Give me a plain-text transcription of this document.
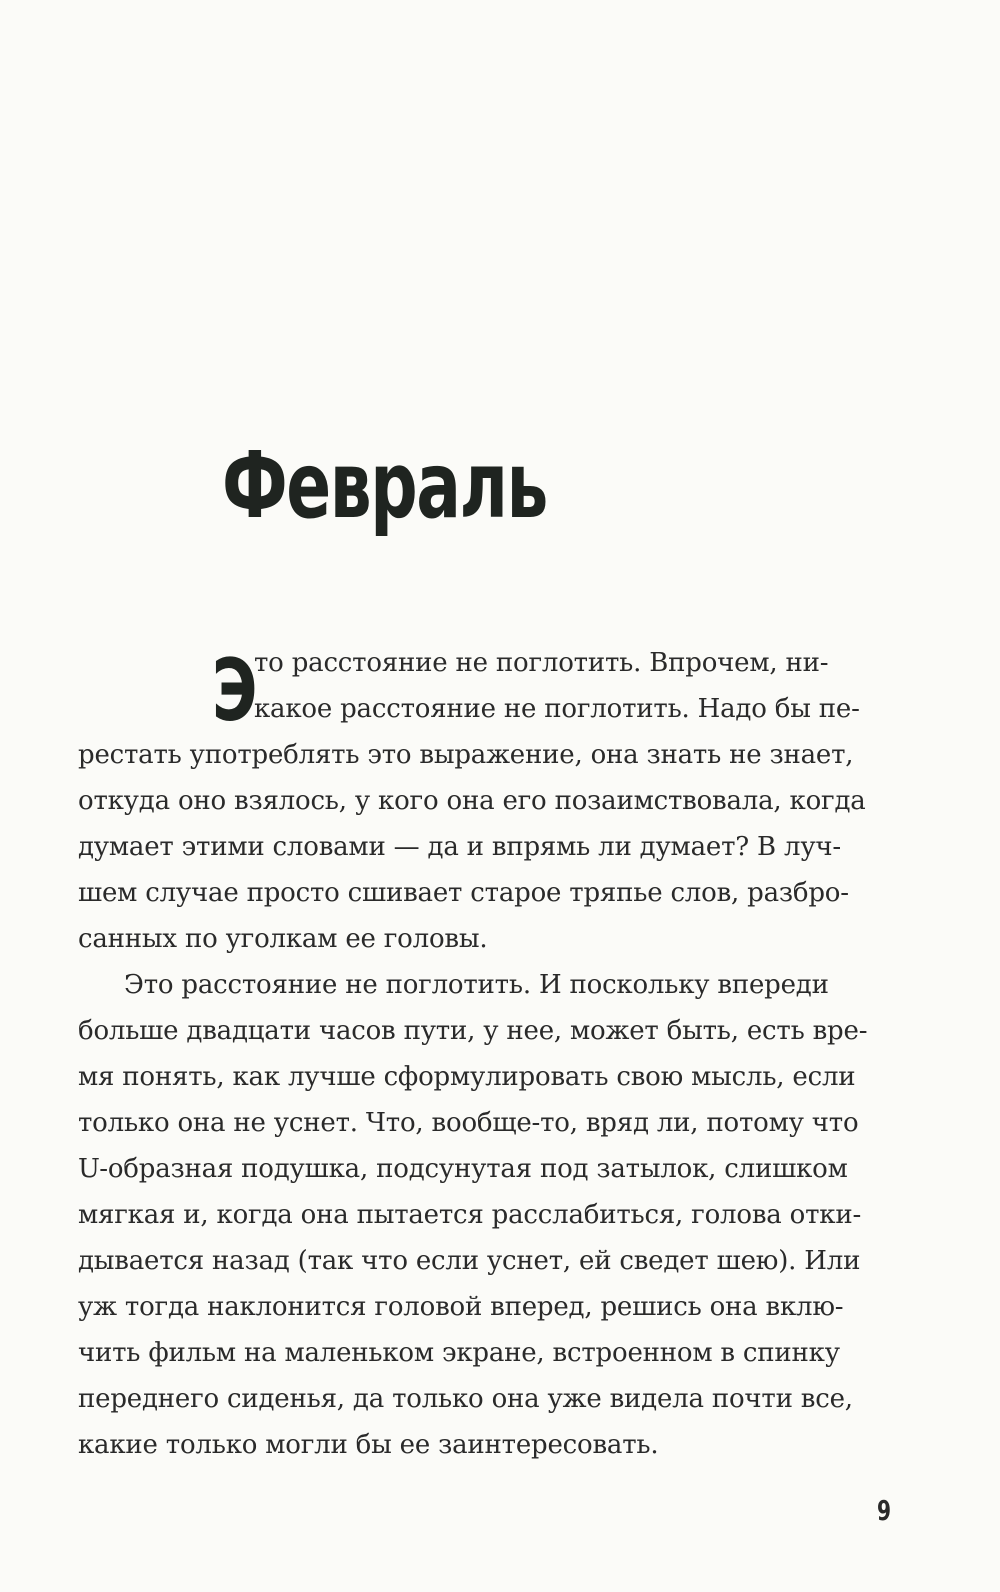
Февраль
Э
то расстояние не поглотить. Впрочем, ни-
какое расстояние не поглотить. Надо бы пе-
рестать употреблять это выражение, она знать не знает,
откуда оно взялось, у кого она его позаимствовала, когда
думает этими словами — да и впрямь ли думает? В луч-
шем случае просто сшивает старое тряпье слов, разбро-
санных по уголкам ее головы.
Это расстояние не поглотить. И поскольку впереди
больше двадцати часов пути, у нее, может быть, есть вре-
мя понять, как лучше сформулировать свою мысль, если
только она не уснет. Что, вообще-то, вряд ли, потому что
U-образная подушка, подсунутая под затылок, слишком
мягкая и, когда она пытается расслабиться, голова отки-
дывается назад (так что если уснет, ей сведет шею). Или
уж тогда наклонится головой вперед, решись она вклю-
чить фильм на маленьком экране, встроенном в спинку
переднего сиденья, да только она уже видела почти все,
какие только могли бы ее заинтересовать.
9
